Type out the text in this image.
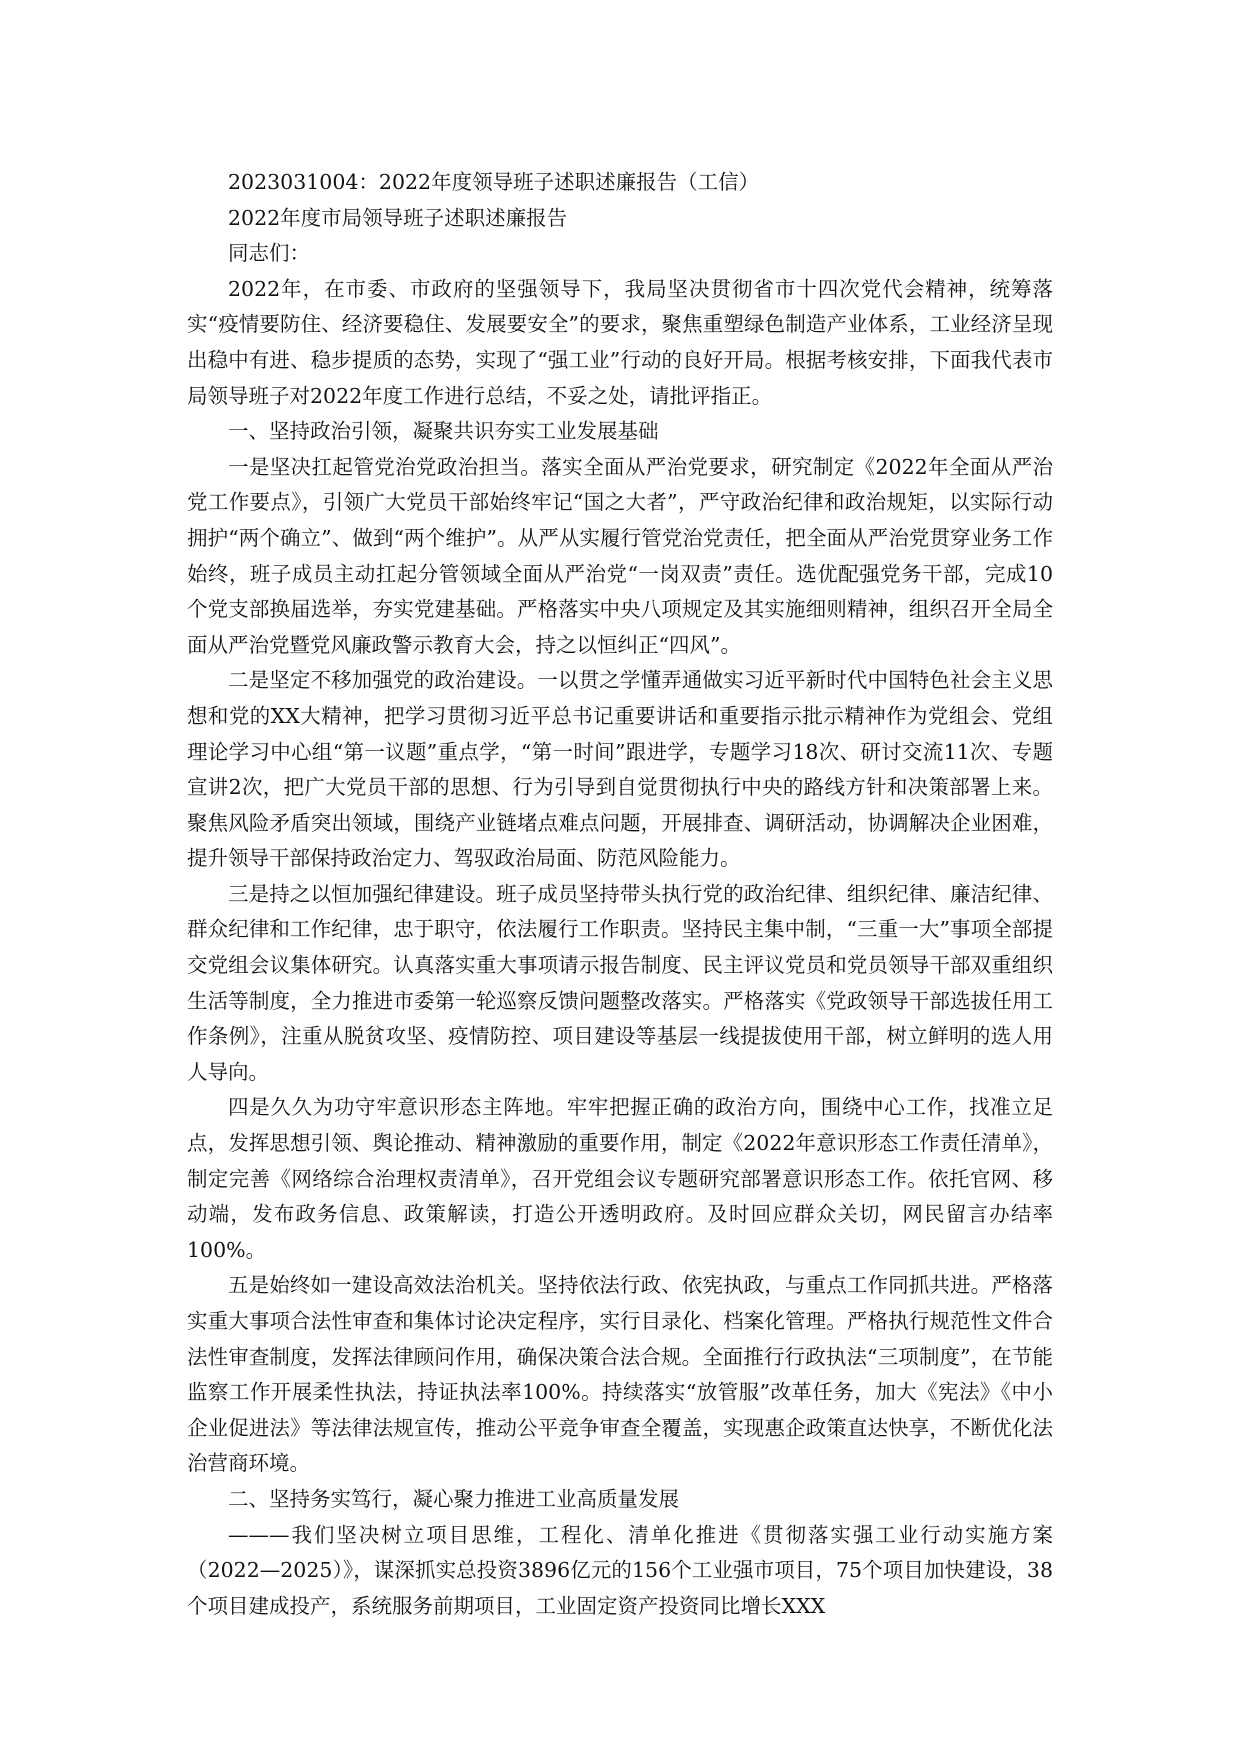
2023031004：2022年度领导班子述职述廉报告（工信）

2022年度市局领导班子述职述廉报告

同志们：

2022年，在市委、市政府的坚强领导下，我局坚决贯彻省市十四次党代会精神，统筹落实“疫情要防住、经济要稳住、发展要安全”的要求，聚焦重塑绿色制造产业体系，工业经济呈现出稳中有进、稳步提质的态势，实现了“强工业”行动的良好开局。根据考核安排，下面我代表市局领导班子对2022年度工作进行总结，不妥之处，请批评指正。

一、坚持政治引领，凝聚共识夯实工业发展基础

一是坚决扛起管党治党政治担当。落实全面从严治党要求，研究制定《2022年全面从严治党工作要点》，引领广大党员干部始终牢记“国之大者”，严守政治纪律和政治规矩，以实际行动拥护“两个确立”、做到“两个维护”。从严从实履行管党治党责任，把全面从严治党贯穿业务工作始终，班子成员主动扛起分管领域全面从严治党“一岗双责”责任。选优配强党务干部，完成10个党支部换届选举，夯实党建基础。严格落实中央八项规定及其实施细则精神，组织召开全局全面从严治党暨党风廉政警示教育大会，持之以恒纠正“四风”。

二是坚定不移加强党的政治建设。一以贯之学懂弄通做实习近平新时代中国特色社会主义思想和党的XX大精神，把学习贯彻习近平总书记重要讲话和重要指示批示精神作为党组会、党组理论学习中心组“第一议题”重点学，“第一时间”跟进学，专题学习18次、研讨交流11次、专题宣讲2次，把广大党员干部的思想、行为引导到自觉贯彻执行中央的路线方针和决策部署上来。聚焦风险矛盾突出领域，围绕产业链堵点难点问题，开展排查、调研活动，协调解决企业困难，提升领导干部保持政治定力、驾驭政治局面、防范风险能力。

三是持之以恒加强纪律建设。班子成员坚持带头执行党的政治纪律、组织纪律、廉洁纪律、群众纪律和工作纪律，忠于职守，依法履行工作职责。坚持民主集中制，“三重一大”事项全部提交党组会议集体研究。认真落实重大事项请示报告制度、民主评议党员和党员领导干部双重组织生活等制度，全力推进市委第一轮巡察反馈问题整改落实。严格落实《党政领导干部选拔任用工作条例》，注重从脱贫攻坚、疫情防控、项目建设等基层一线提拔使用干部，树立鲜明的选人用人导向。

四是久久为功守牢意识形态主阵地。牢牢把握正确的政治方向，围绕中心工作，找准立足点，发挥思想引领、舆论推动、精神激励的重要作用，制定《2022年意识形态工作责任清单》，制定完善《网络综合治理权责清单》，召开党组会议专题研究部署意识形态工作。依托官网、移动端，发布政务信息、政策解读，打造公开透明政府。及时回应群众关切，网民留言办结率100%。

五是始终如一建设高效法治机关。坚持依法行政、依宪执政，与重点工作同抓共进。严格落实重大事项合法性审查和集体讨论决定程序，实行目录化、档案化管理。严格执行规范性文件合法性审查制度，发挥法律顾问作用，确保决策合法合规。全面推行行政执法“三项制度”，在节能监察工作开展柔性执法，持证执法率100%。持续落实“放管服”改革任务，加大《宪法》《中小企业促进法》等法律法规宣传，推动公平竞争审查全覆盖，实现惠企政策直达快享，不断优化法治营商环境。

二、坚持务实笃行，凝心聚力推进工业高质量发展

———我们坚决树立项目思维，工程化、清单化推进《贯彻落实强工业行动实施方案（2022—2025）》，谋深抓实总投资3896亿元的156个工业强市项目，75个项目加快建设，38个项目建成投产，系统服务前期项目，工业固定资产投资同比增长XXX
